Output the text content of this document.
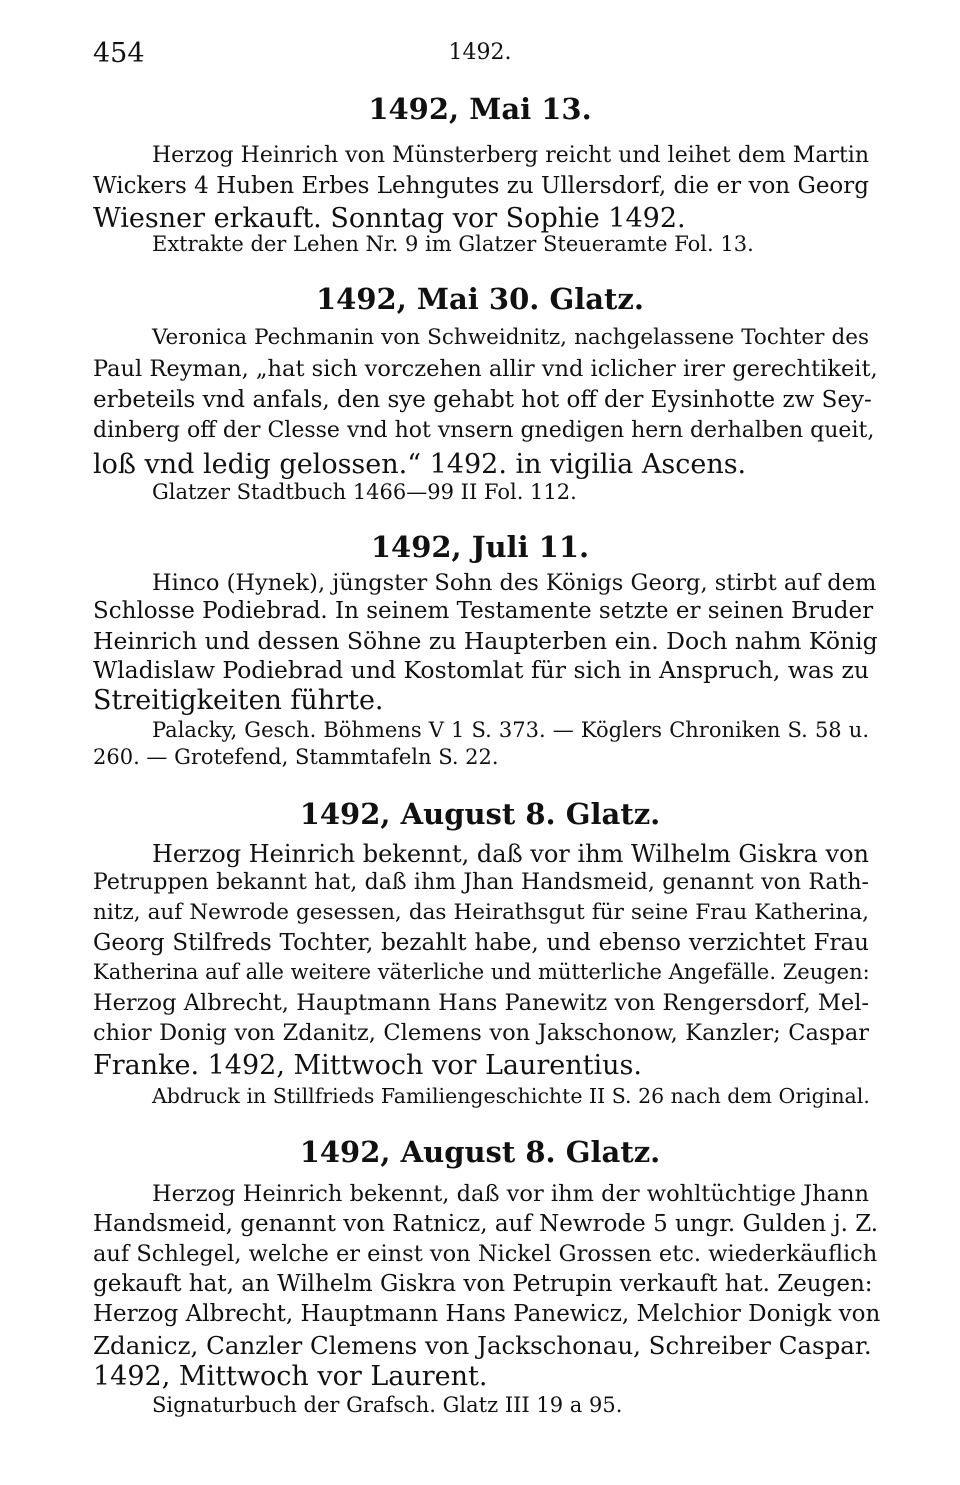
454	1492.
1492, Mai 13.
Herzog Heinrich von Münsterberg reicht und leihet dem Martin
Wickers 4 Huben Erbes Lehngutes zu Ullersdorf, die er von Georg
Wiesner erkauft. Sonntag vor Sophie 1492.
Extrakte der Lehen Nr. 9 im Glatzer Steueramte Fol. 13.
1492, Mai 30. Glatz.
Veronica Pechmanin von Schweidnitz, nachgelassene Tochter des
Paul Reyman, „hat sich vorczehen allir vnd iclicher irer gerechtikeit,
erbeteils vnd anfals, den sye gehabt hot off der Eysinhotte zw Sey-
dinberg off der Clesse vnd hot vnsern gnedigen hern derhalben queit,
loß vnd ledig gelossen.“ 1492. in vigilia Ascens.
Glatzer Stadtbuch 1466—99 II Fol. 112.
1492, Juli 11.
Hinco (Hynek), jüngster Sohn des Königs Georg, stirbt auf dem
Schlosse Podiebrad. In seinem Testamente setzte er seinen Bruder
Heinrich und dessen Söhne zu Haupterben ein. Doch nahm König
Wladislaw Podiebrad und Kostomlat für sich in Anspruch, was zu
Streitigkeiten führte.
Palacky, Gesch. Böhmens V 1 S. 373. — Köglers Chroniken S. 58 u.
260. — Grotefend, Stammtafeln S. 22.
1492, August 8. Glatz.
Herzog Heinrich bekennt, daß vor ihm Wilhelm Giskra von
Petruppen bekannt hat, daß ihm Jhan Handsmeid, genannt von Rath-
nitz, auf Newrode gesessen, das Heirathsgut für seine Frau Katherina,
Georg Stilfreds Tochter, bezahlt habe, und ebenso verzichtet Frau
Katherina auf alle weitere väterliche und mütterliche Angefälle. Zeugen:
Herzog Albrecht, Hauptmann Hans Panewitz von Rengersdorf, Mel-
chior Donig von Zdanitz, Clemens von Jakschonow, Kanzler; Caspar
Franke. 1492, Mittwoch vor Laurentius.
Abdruck in Stillfrieds Familiengeschichte II S. 26 nach dem Original.
1492, August 8. Glatz.
Herzog Heinrich bekennt, daß vor ihm der wohltüchtige Jhann
Handsmeid, genannt von Ratnicz, auf Newrode 5 ungr. Gulden j. Z.
auf Schlegel, welche er einst von Nickel Grossen etc. wiederkäuflich
gekauft hat, an Wilhelm Giskra von Petrupin verkauft hat. Zeugen:
Herzog Albrecht, Hauptmann Hans Panewicz, Melchior Donigk von
Zdanicz, Canzler Clemens von Jackschonau, Schreiber Caspar.
1492, Mittwoch vor Laurent.
Signaturbuch der Grafsch. Glatz III 19 a 95.
